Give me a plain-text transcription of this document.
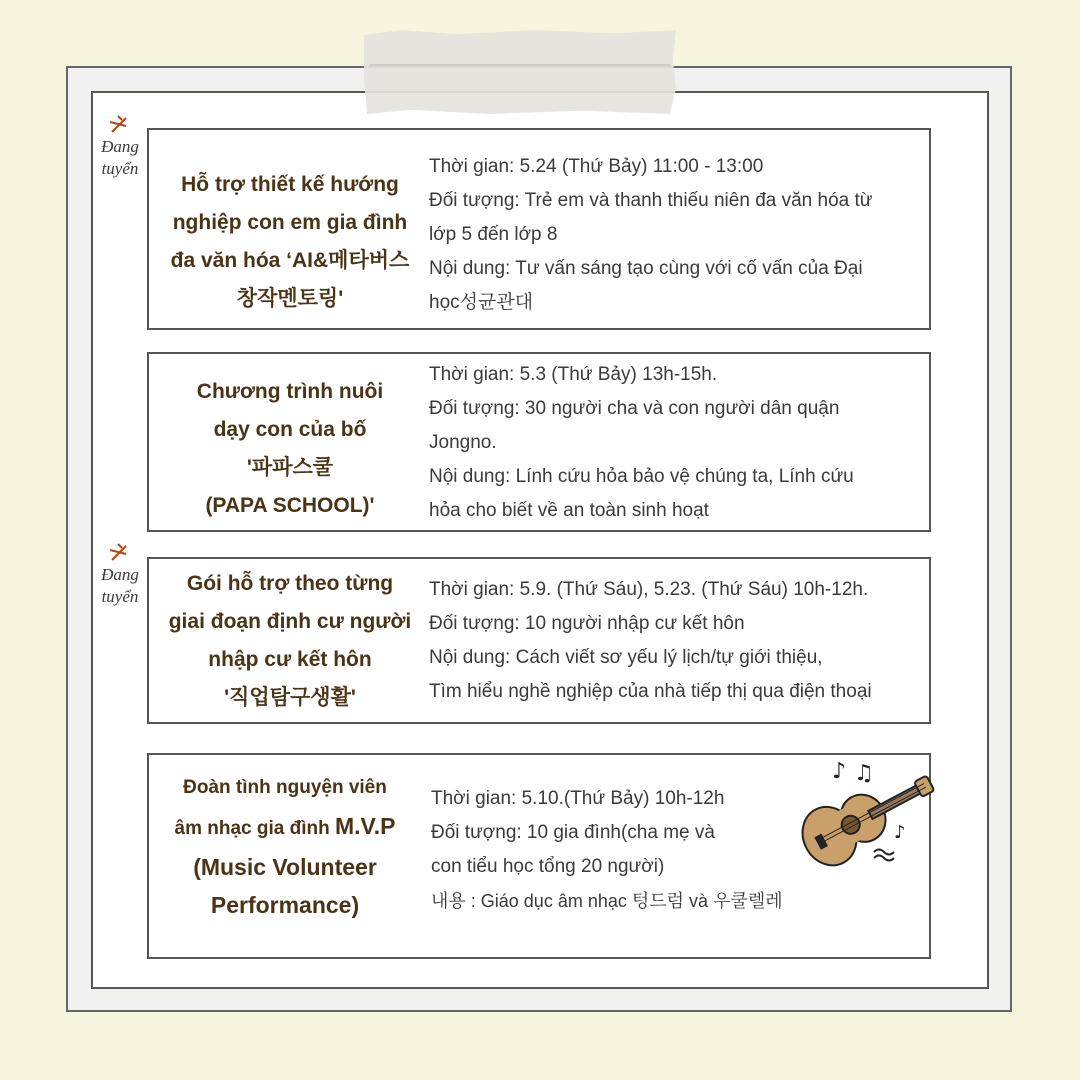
Đang
tuyển
Đang
tuyển
Hỗ trợ thiết kế hướng
nghiệp con em gia đình
đa văn hóa ‘AI&메타버스
창작멘토링'
Thời gian: 5.24 (Thứ Bảy) 11:00 - 13:00
Đối tượng: Trẻ em và thanh thiếu niên đa văn hóa từ
lớp 5 đến lớp 8
Nội dung: Tư vấn sáng tạo cùng với cố vấn của Đại
học성균관대
Chương trình nuôi
dạy con của bố
'파파스쿨
(PAPA SCHOOL)'
Thời gian: 5.3 (Thứ Bảy) 13h-15h.
Đối tượng: 30 người cha và con người dân quận
Jongno.
Nội dung: Lính cứu hỏa bảo vệ chúng ta, Lính cứu
hỏa cho biết về an toàn sinh hoạt
Gói hỗ trợ theo từng
giai đoạn định cư người
nhập cư kết hôn
'직업탐구생활'
Thời gian: 5.9. (Thứ Sáu), 5.23. (Thứ Sáu) 10h-12h.
Đối tượng: 10 người nhập cư kết hôn
Nội dung: Cách viết sơ yếu lý lịch/tự giới thiệu,
Tìm hiểu nghề nghiệp của nhà tiếp thị qua điện thoại
Đoàn tình nguyện viên
âm nhạc gia đình M.V.P
(Music Volunteer
Performance)
Thời gian: 5.10.(Thứ Bảy) 10h-12h
Đối tượng: 10 gia đình(cha mẹ và
con tiểu học tổng 20 người)
내용 : Giáo dục âm nhạc 텅드럼 và 우쿨렐레
♪ ♫
♪
